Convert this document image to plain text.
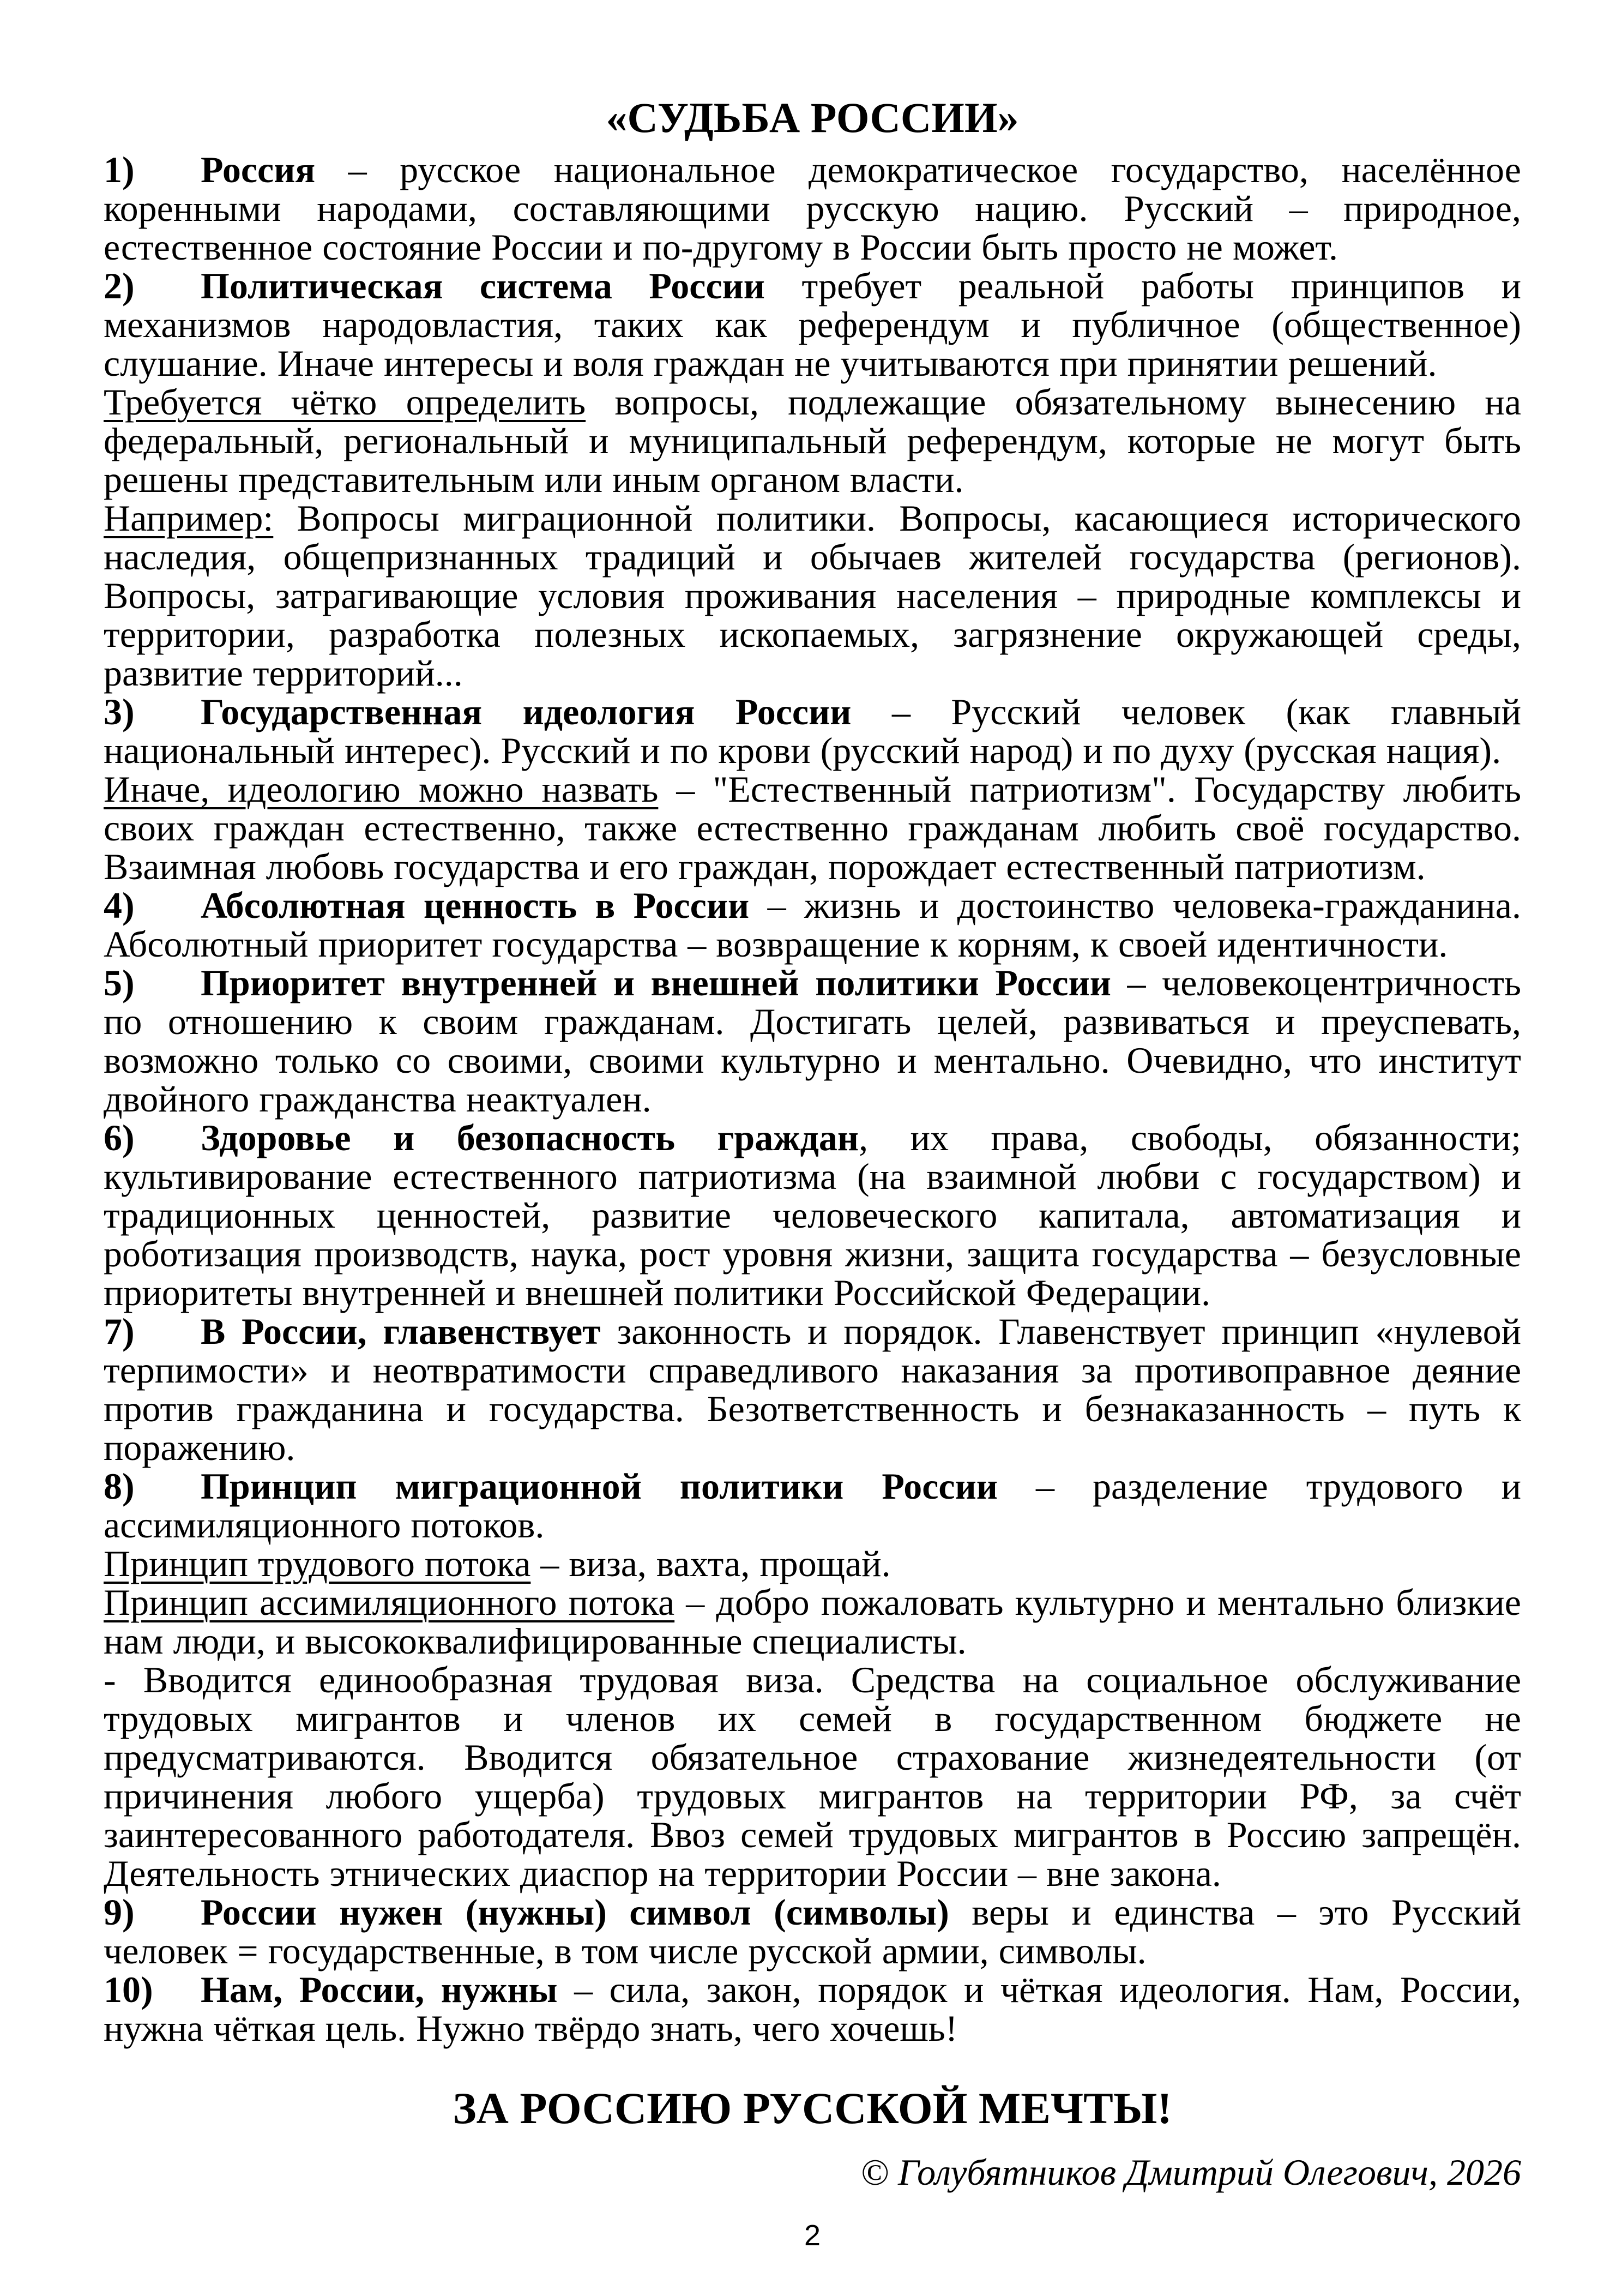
«СУДЬБА РОССИИ»

1) Россия – русское национальное демократическое государство, населённое коренными народами, составляющими русскую нацию. Русский – природное, естественное состояние России и по-другому в России быть просто не может.

2) Политическая система России требует реальной работы принципов и механизмов народовластия, таких как референдум и публичное (общественное) слушание. Иначе интересы и воля граждан не учитываются при принятии решений.

Требуется чётко определить вопросы, подлежащие обязательному вынесению на федеральный, региональный и муниципальный референдум, которые не могут быть решены представительным или иным органом власти.

Например: Вопросы миграционной политики. Вопросы, касающиеся исторического наследия, общепризнанных традиций и обычаев жителей государства (регионов). Вопросы, затрагивающие условия проживания населения – природные комплексы и территории, разработка полезных ископаемых, загрязнение окружающей среды, развитие территорий...

3) Государственная идеология России – Русский человек (как главный национальный интерес). Русский и по крови (русский народ) и по духу (русская нация).

Иначе, идеологию можно назвать – "Естественный патриотизм". Государству любить своих граждан естественно, также естественно гражданам любить своё государство. Взаимная любовь государства и его граждан, порождает естественный патриотизм.

4) Абсолютная ценность в России – жизнь и достоинство человека-гражданина. Абсолютный приоритет государства – возвращение к корням, к своей идентичности.

5) Приоритет внутренней и внешней политики России – человекоцентричность по отношению к своим гражданам. Достигать целей, развиваться и преуспевать, возможно только со своими, своими культурно и ментально. Очевидно, что институт двойного гражданства неактуален.

6) Здоровье и безопасность граждан, их права, свободы, обязанности; культивирование естественного патриотизма (на взаимной любви с государством) и традиционных ценностей, развитие человеческого капитала, автоматизация и роботизация производств, наука, рост уровня жизни, защита государства – безусловные приоритеты внутренней и внешней политики Российской Федерации.

7) В России, главенствует законность и порядок. Главенствует принцип «нулевой терпимости» и неотвратимости справедливого наказания за противоправное деяние против гражданина и государства. Безответственность и безнаказанность – путь к поражению.

8) Принцип миграционной политики России – разделение трудового и ассимиляционного потоков.

Принцип трудового потока – виза, вахта, прощай.

Принцип ассимиляционного потока – добро пожаловать культурно и ментально близкие нам люди, и высококвалифицированные специалисты.

- Вводится единообразная трудовая виза. Средства на социальное обслуживание трудовых мигрантов и членов их семей в государственном бюджете не предусматриваются. Вводится обязательное страхование жизнедеятельности (от причинения любого ущерба) трудовых мигрантов на территории РФ, за счёт заинтересованного работодателя. Ввоз семей трудовых мигрантов в Россию запрещён. Деятельность этнических диаспор на территории России – вне закона.

9) России нужен (нужны) символ (символы) веры и единства – это Русский человек = государственные, в том числе русской армии, символы.

10) Нам, России, нужны – сила, закон, порядок и чёткая идеология. Нам, России, нужна чёткая цель. Нужно твёрдо знать, чего хочешь!

ЗА РОССИЮ РУССКОЙ МЕЧТЫ!

© Голубятников Дмитрий Олегович, 2026

2
